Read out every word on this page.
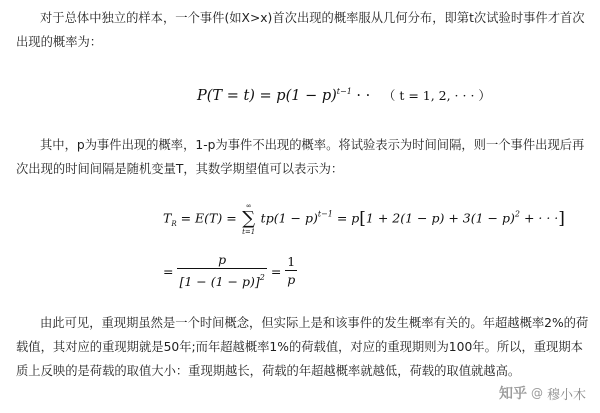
对于总体中独立的样本，一个事件(如X>x)首次出现的概率服从几何分布，即第t次试验时事件才首次出现的概率为：

$P(T = t) = p(1 - p)^{t-1}$ · · （ t = 1, 2, · · · ）

其中，p为事件出现的概率，1-p为事件不出现的概率。将试验表示为时间间隔，则一个事件出现后再次出现的时间间隔是随机变量T，其数学期望值可以表示为：

$T_R = E(T)$ =
∞
∑
t=1
$tp(1 - p)^{t-1} = p[1 + 2(1 - p) + 3(1 - p)^2$ + · · ·]
= $\frac{p}{[1 - (1 - p)]^2} = \frac{1}{p}$

由此可见，重现期虽然是一个时间概念，但实际上是和该事件的发生概率有关的。年超越概率2%的荷载值，其对应的重现期就是50年;而年超越概率1%的荷载值，对应的重现期则为100年。所以，重现期本质上反映的是荷载的取值大小：重现期越长，荷载的年超越概率就越低，荷载的取值就越高。

知乎 @ 穆小木
